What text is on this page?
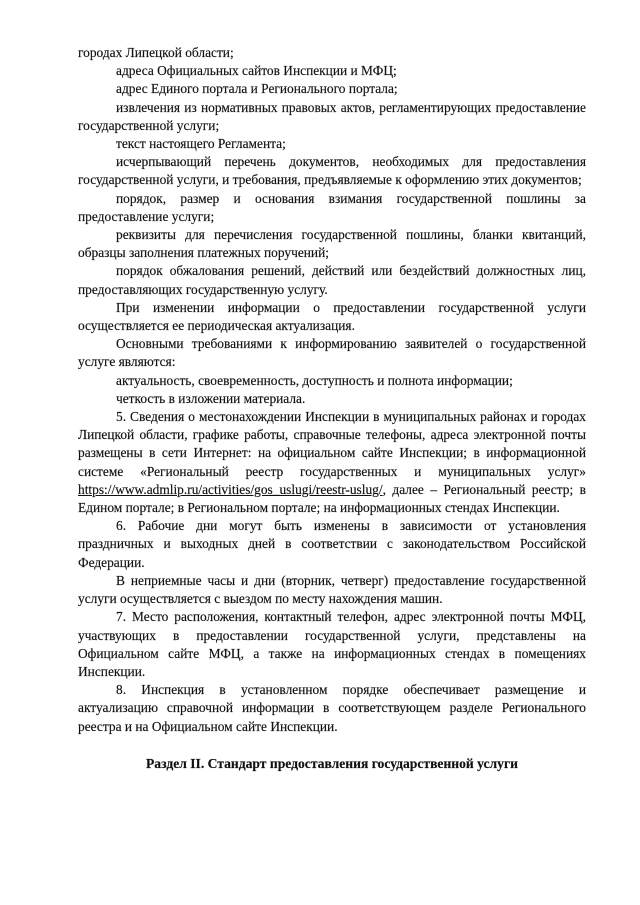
городах Липецкой области;

адреса Официальных сайтов Инспекции и МФЦ;

адрес Единого портала и Регионального портала;

извлечения из нормативных правовых актов, регламентирующих предоставление государственной услуги;

текст настоящего Регламента;

исчерпывающий перечень документов, необходимых для предоставления государственной услуги, и требования, предъявляемые к оформлению этих документов;

порядок, размер и основания взимания государственной пошлины за предоставление услуги;

реквизиты для перечисления государственной пошлины, бланки квитанций, образцы заполнения платежных поручений;

порядок обжалования решений, действий или бездействий должностных лиц, предоставляющих государственную услугу.

При изменении информации о предоставлении государственной услуги осуществляется ее периодическая актуализация.

Основными требованиями к информированию заявителей о государственной услуге являются:

актуальность, своевременность, доступность и полнота информации;

четкость в изложении материала.

5. Сведения о местонахождении Инспекции в муниципальных районах и городах Липецкой области, графике работы, справочные телефоны, адреса электронной почты размещены в сети Интернет: на официальном сайте Инспекции; в информационной системе «Региональный реестр государственных и муниципальных услуг» https://www.admlip.ru/activities/gos_uslugi/reestr-uslug/, далее – Региональный реестр; в Едином портале; в Региональном портале; на информационных стендах Инспекции.

6. Рабочие дни могут быть изменены в зависимости от установления праздничных и выходных дней в соответствии с законодательством Российской Федерации.

В неприемные часы и дни (вторник, четверг) предоставление государственной услуги осуществляется с выездом по месту нахождения машин.

7. Место расположения, контактный телефон, адрес электронной почты МФЦ, участвующих в предоставлении государственной услуги, представлены на Официальном сайте МФЦ, а также на информационных стендах в помещениях Инспекции.

8. Инспекция в установленном порядке обеспечивает размещение и актуализацию справочной информации в соответствующем разделе Регионального реестра и на Официальном сайте Инспекции.

Раздел II. Стандарт предоставления государственной услуги
